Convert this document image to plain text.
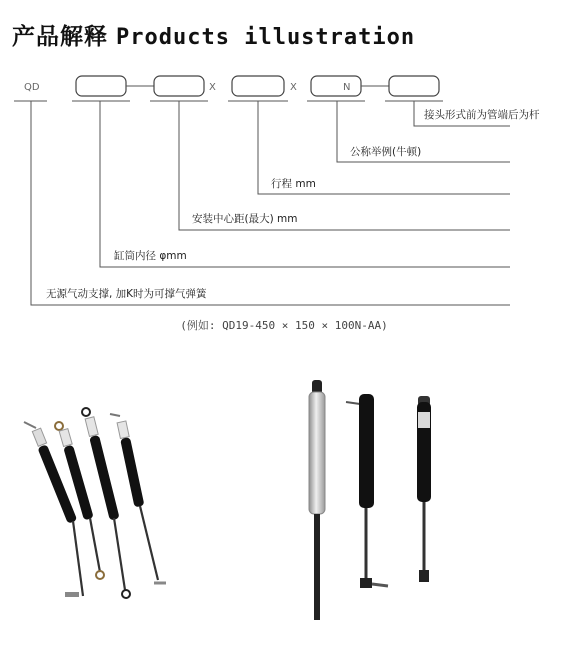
产品解释 Products illustration
QD	X	X	N
接头形式前为管端后为杆
公称举例(牛顿)
行程 mm
安装中心距(最大) mm
缸筒内径 φmm
无源气动支撑, 加K时为可撑气弹簧
(例如: QD19-450 × 150 × 100N-AA)
